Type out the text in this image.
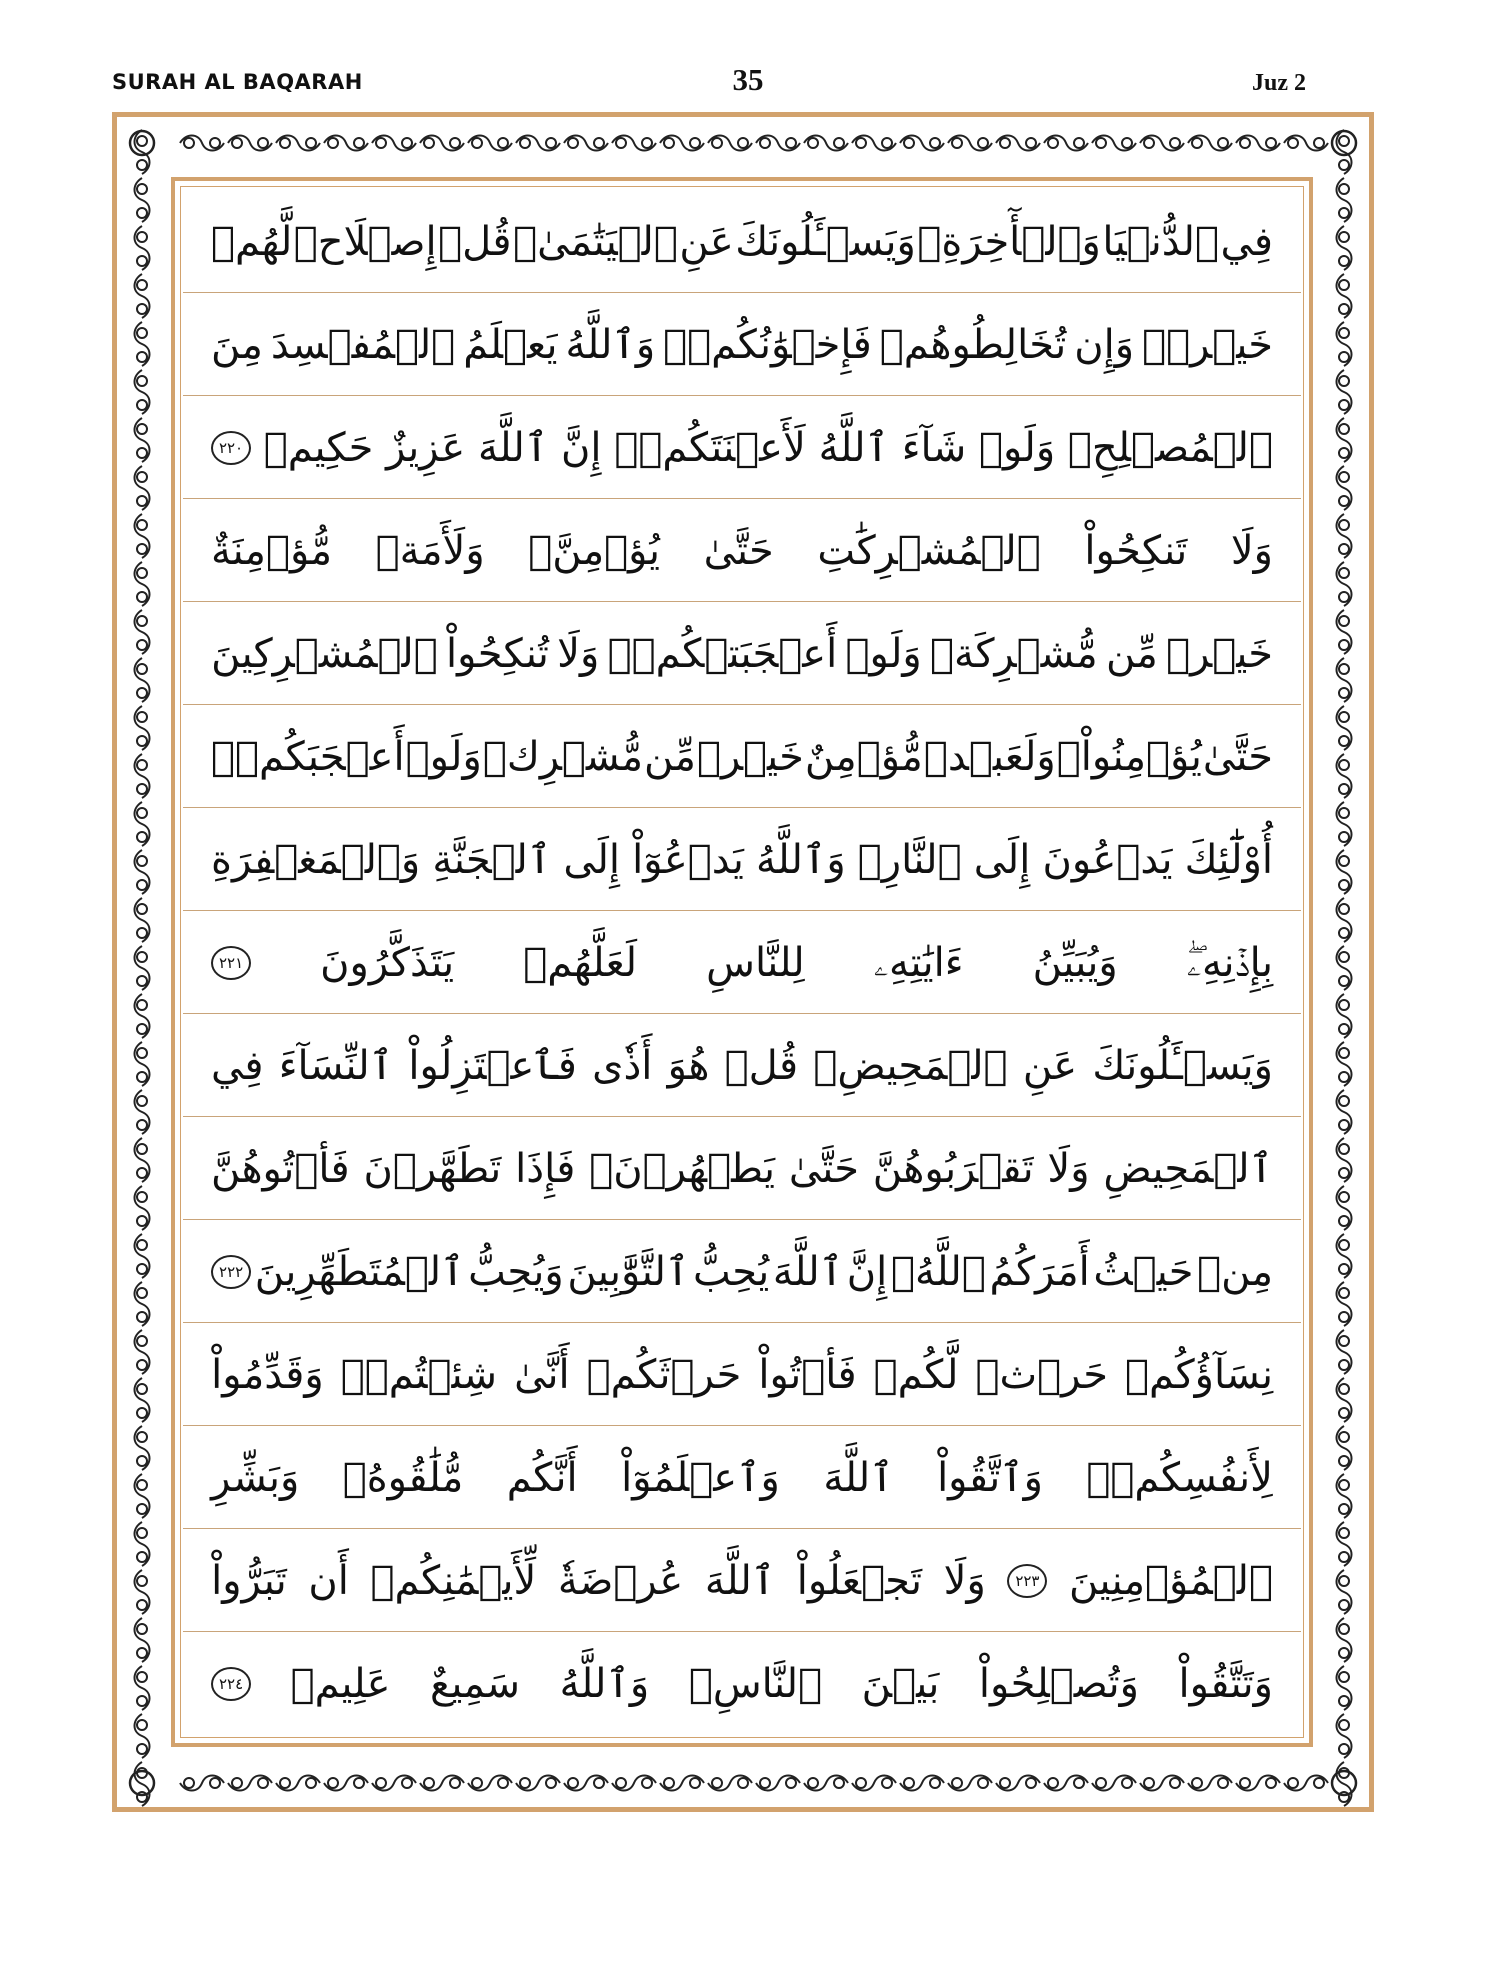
SURAH AL BAQARAH	35	Juz 2
فِي
ٱلدُّنۡيَا
وَٱلۡأٓخِرَةِۗ
وَيَسۡـَٔلُونَكَ
عَنِ
ٱلۡيَتَٰمَىٰۖ
قُلۡ
إِصۡلَاحٞ
لَّهُمۡ
خَيۡرٞۖ
وَإِن
تُخَالِطُوهُمۡ
فَإِخۡوَٰنُكُمۡۚ
وَٱللَّهُ
يَعۡلَمُ
ٱلۡمُفۡسِدَ
مِنَ
ٱلۡمُصۡلِحِۚ
وَلَوۡ
شَآءَ
ٱللَّهُ
لَأَعۡنَتَكُمۡۚ
إِنَّ
ٱللَّهَ
عَزِيزٌ
حَكِيمٞ
٢٢٠
وَلَا
تَنكِحُواْ
ٱلۡمُشۡرِكَٰتِ
حَتَّىٰ
يُؤۡمِنَّۚ
وَلَأَمَةٞ
مُّؤۡمِنَةٌ
خَيۡرٞ
مِّن
مُّشۡرِكَةٖ
وَلَوۡ
أَعۡجَبَتۡكُمۡۗ
وَلَا
تُنكِحُواْ
ٱلۡمُشۡرِكِينَ
حَتَّىٰ
يُؤۡمِنُواْۚ
وَلَعَبۡدٞ
مُّؤۡمِنٌ
خَيۡرٞ
مِّن
مُّشۡرِكٖ
وَلَوۡ
أَعۡجَبَكُمۡۗ
أُوْلَٰٓئِكَ
يَدۡعُونَ
إِلَى
ٱلنَّارِۖ
وَٱللَّهُ
يَدۡعُوٓاْ
إِلَى
ٱلۡجَنَّةِ
وَٱلۡمَغۡفِرَةِ
بِإِذۡنِهِۦۖ
وَيُبَيِّنُ
ءَايَٰتِهِۦ
لِلنَّاسِ
لَعَلَّهُمۡ
يَتَذَكَّرُونَ
٢٢١
وَيَسۡـَٔلُونَكَ
عَنِ
ٱلۡمَحِيضِۖ
قُلۡ
هُوَ
أَذٗى
فَٱعۡتَزِلُواْ
ٱلنِّسَآءَ
فِي
ٱلۡمَحِيضِ
وَلَا
تَقۡرَبُوهُنَّ
حَتَّىٰ
يَطۡهُرۡنَۖ
فَإِذَا
تَطَهَّرۡنَ
فَأۡتُوهُنَّ
مِنۡ
حَيۡثُ
أَمَرَكُمُ
ٱللَّهُۚ
إِنَّ
ٱللَّهَ
يُحِبُّ
ٱلتَّوَّٰبِينَ
وَيُحِبُّ
ٱلۡمُتَطَهِّرِينَ
٢٢٢
نِسَآؤُكُمۡ
حَرۡثٞ
لَّكُمۡ
فَأۡتُواْ
حَرۡثَكُمۡ
أَنَّىٰ
شِئۡتُمۡۖ
وَقَدِّمُواْ
لِأَنفُسِكُمۡۚ
وَٱتَّقُواْ
ٱللَّهَ
وَٱعۡلَمُوٓاْ
أَنَّكُم
مُّلَٰقُوهُۗ
وَبَشِّرِ
ٱلۡمُؤۡمِنِينَ
٢٢٣
وَلَا
تَجۡعَلُواْ
ٱللَّهَ
عُرۡضَةٗ
لِّأَيۡمَٰنِكُمۡ
أَن
تَبَرُّواْ
وَتَتَّقُواْ
وَتُصۡلِحُواْ
بَيۡنَ
ٱلنَّاسِۚ
وَٱللَّهُ
سَمِيعٌ
عَلِيمٞ
٢٢٤
